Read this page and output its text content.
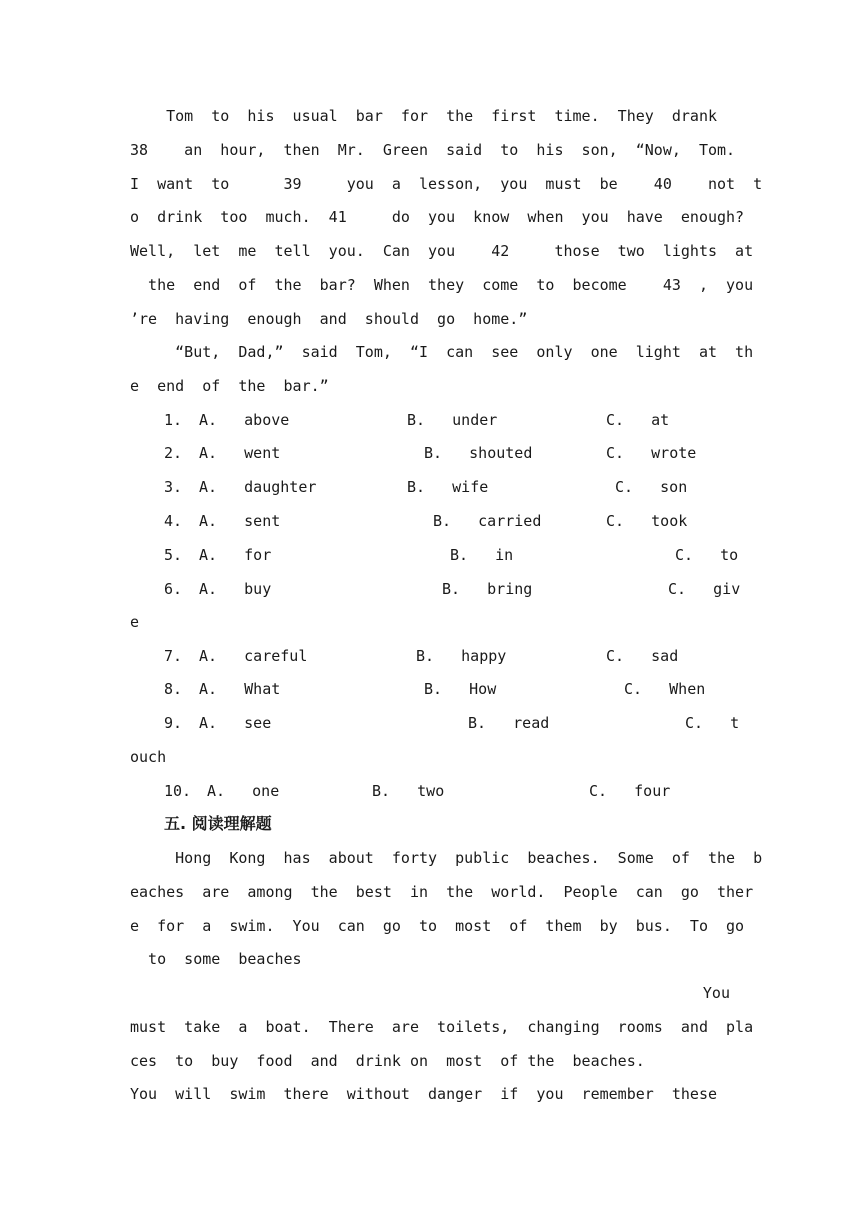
Tom  to  his  usual  bar  for  the  first  time.  They  drank
38    an  hour,  then  Mr.  Green  said  to  his  son,  “Now,  Tom.
I  want  to      39     you  a  lesson,  you  must  be    40    not  t
o  drink  too  much.  41     do  you  know  when  you  have  enough?
Well,  let  me  tell  you.  Can  you    42     those  two  lights  at
the  end  of  the  bar?  When  they  come  to  become    43  ,  you
’re  having  enough  and  should  go  home.”
“But,  Dad,”  said  Tom,  “I  can  see  only  one  light  at  th
e  end  of  the  bar.”
1. A.   above	B.   under	C.   at
2. A.   went	B.   shouted	C.   wrote
3. A.   daughter	B.   wife	C.   son
4. A.   sent	B.   carried	C.   took
5. A.   for	B.   in	C.   to
6. A.   buy	B.   bring	C.   giv
e
7. A.   careful	B.   happy	C.   sad
8. A.   What	B.   How	C.   When
9. A.   see	B.   read	C.   t
ouch
10. A.   one	B.   two	C.   four
五. 阅读理解题
Hong  Kong  has  about  forty  public  beaches.  Some  of  the  b
eaches  are  among  the  best  in  the  world.  People  can  go  ther
e  for  a  swim.  You  can  go  to  most  of  them  by  bus.  To  go
to  some  beaches
You
must  take  a  boat.  There  are  toilets,  changing  rooms  and  pla
ces  to  buy  food  and  drink on  most  of the  beaches.
You  will  swim  there  without  danger  if  you  remember  these
